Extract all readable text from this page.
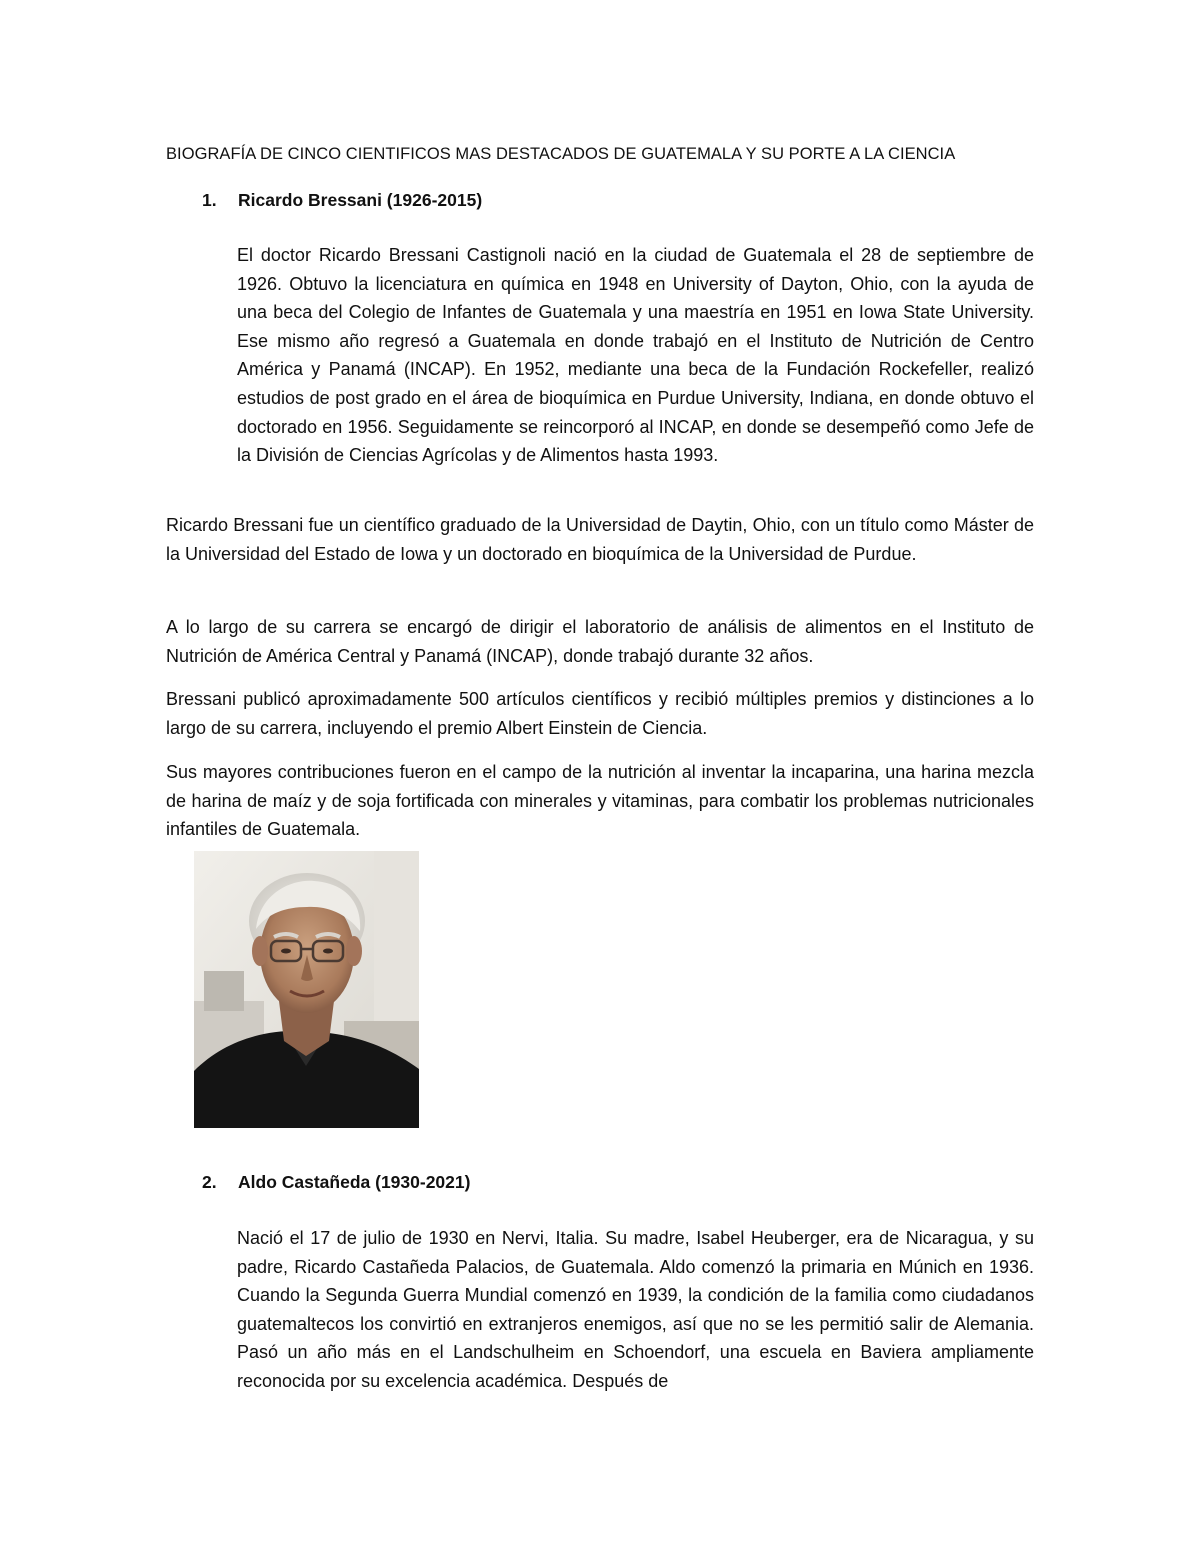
BIOGRAFÍA DE CINCO CIENTIFICOS MAS DESTACADOS DE GUATEMALA Y SU PORTE A LA CIENCIA
1. Ricardo Bressani (1926-2015)

El doctor Ricardo Bressani Castignoli nació en la ciudad de Guatemala el 28 de septiembre de 1926. Obtuvo la licenciatura en química en 1948 en University of Dayton, Ohio, con la ayuda de una beca del Colegio de Infantes de Guatemala y una maestría en 1951 en Iowa State University. Ese mismo año regresó a Guatemala en donde trabajó en el Instituto de Nutrición de Centro América y Panamá (INCAP). En 1952, mediante una beca de la Fundación Rockefeller, realizó estudios de post grado en el área de bioquímica en Purdue University, Indiana, en donde obtuvo el doctorado en 1956. Seguidamente se reincorporó al INCAP, en donde se desempeñó como Jefe de la División de Ciencias Agrícolas y de Alimentos hasta 1993.

Ricardo Bressani fue un científico graduado de la Universidad de Daytin, Ohio, con un título como Máster de la Universidad del Estado de Iowa y un doctorado en bioquímica de la Universidad de Purdue.

A lo largo de su carrera se encargó de dirigir el laboratorio de análisis de alimentos en el Instituto de Nutrición de América Central y Panamá (INCAP), donde trabajó durante 32 años.

Bressani publicó aproximadamente 500 artículos científicos y recibió múltiples premios y distinciones a lo largo de su carrera, incluyendo el premio Albert Einstein de Ciencia.

Sus mayores contribuciones fueron en el campo de la nutrición al inventar la incaparina, una harina mezcla de harina de maíz y de soja fortificada con minerales y vitaminas, para combatir los problemas nutricionales infantiles de Guatemala.

2. Aldo Castañeda (1930-2021)

Nació el 17 de julio de 1930 en Nervi, Italia. Su madre, Isabel Heuberger, era de Nicaragua, y su padre, Ricardo Castañeda Palacios, de Guatemala. Aldo comenzó la primaria en Múnich en 1936. Cuando la Segunda Guerra Mundial comenzó en 1939, la condición de la familia como ciudadanos guatemaltecos los convirtió en extranjeros enemigos, así que no se les permitió salir de Alemania. Pasó un año más en el Landschulheim en Schoendorf, una escuela en Baviera ampliamente reconocida por su excelencia académica. Después de
